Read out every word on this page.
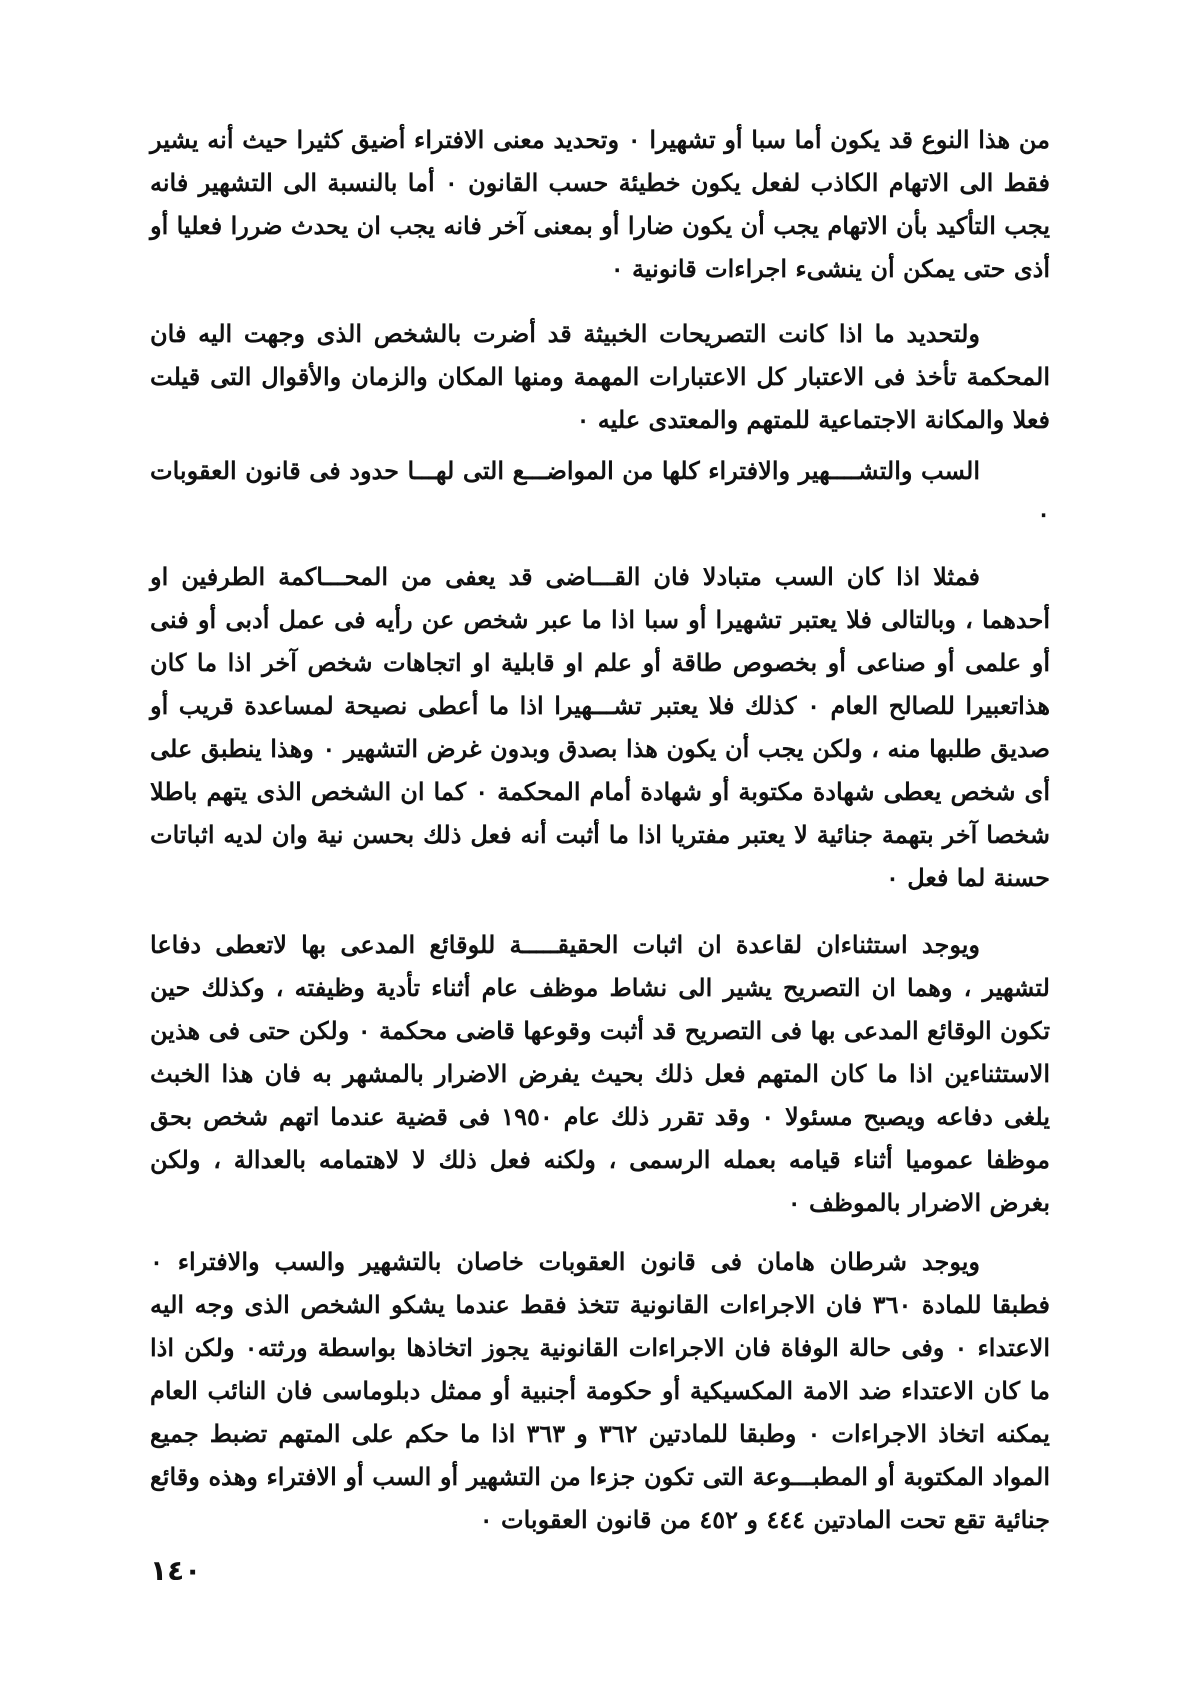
من هذا النوع قد يكون أما سبا أو تشهيرا ٠ وتحديد معنى الافتراء أضيق كثيرا حيث أنه يشير فقط الى الاتهام الكاذب لفعل يكون خطيئة حسب القانون ٠ أما بالنسبة الى التشهير فانه يجب التأكيد بأن الاتهام يجب أن يكون ضارا أو بمعنى آخر فانه يجب ان يحدث ضررا فعليا أو أذى حتى يمكن أن ينشىء اجراءات قانونية ٠

ولتحديد ما اذا كانت التصريحات الخبيثة قد أضرت بالشخص الذى وجهت اليه فان المحكمة تأخذ فى الاعتبار كل الاعتبارات المهمة ومنها المكان والزمان والأقوال التى قيلت فعلا والمكانة الاجتماعية للمتهم والمعتدى عليه ٠

السب والتشــــهير والافتراء كلها من المواضـــع التى لهـــا حدود فى قانون العقوبات ٠

فمثلا اذا كان السب متبادلا فان القـــاضى قد يعفى من المحـــاكمة الطرفين او أحدهما ، وبالتالى فلا يعتبر تشهيرا أو سبا اذا ما عبر شخص عن رأيه فى عمل أدبى أو فنى أو علمى أو صناعى أو بخصوص طاقة أو علم او قابلية او اتجاهات شخص آخر اذا ما كان هذاتعبيرا للصالح العام ٠ كذلك فلا يعتبر تشـــهيرا اذا ما أعطى نصيحة لمساعدة قريب أو صديق طلبها منه ، ولكن يجب أن يكون هذا بصدق وبدون غرض التشهير ٠ وهذا ينطبق على أى شخص يعطى شهادة مكتوبة أو شهادة أمام المحكمة ٠ كما ان الشخص الذى يتهم باطلا شخصا آخر بتهمة جنائية لا يعتبر مفتريا اذا ما أثبت أنه فعل ذلك بحسن نية وان لديه اثباتات حسنة لما فعل ٠

ويوجد استثناءان لقاعدة ان اثبات الحقيقـــــة للوقائع المدعى بها لاتعطى دفاعا لتشهير ، وهما ان التصريح يشير الى نشاط موظف عام أثناء تأدية وظيفته ، وكذلك حين تكون الوقائع المدعى بها فى التصريح قد أثبت وقوعها قاضى محكمة ٠ ولكن حتى فى هذين الاستثناءين اذا ما كان المتهم فعل ذلك بحيث يفرض الاضرار بالمشهر به فان هذا الخبث يلغى دفاعه ويصبح مسئولا ٠ وقد تقرر ذلك عام ١٩٥٠ فى قضية عندما اتهم شخص بحق موظفا عموميا أثناء قيامه بعمله الرسمى ، ولكنه فعل ذلك لا لاهتمامه بالعدالة ، ولكن بغرض الاضرار بالموظف ٠

ويوجد شرطان هامان فى قانون العقوبات خاصان بالتشهير والسب والافتراء ٠ فطبقا للمادة ٣٦٠ فان الاجراءات القانونية تتخذ فقط عندما يشكو الشخص الذى وجه اليه الاعتداء ٠ وفى حالة الوفاة فان الاجراءات القانونية يجوز اتخاذها بواسطة ورثته٠ ولكن اذا ما كان الاعتداء ضد الامة المكسيكية أو حكومة أجنبية أو ممثل دبلوماسى فان النائب العام يمكنه اتخاذ الاجراءات ٠ وطبقا للمادتين ٣٦٢ و ٣٦٣ اذا ما حكم على المتهم تضبط جميع المواد المكتوبة أو المطبـــوعة التى تكون جزءا من التشهير أو السب أو الافتراء وهذه وقائع جنائية تقع تحت المادتين ٤٤٤ و ٤٥٢ من قانون العقوبات ٠

١٤٠
